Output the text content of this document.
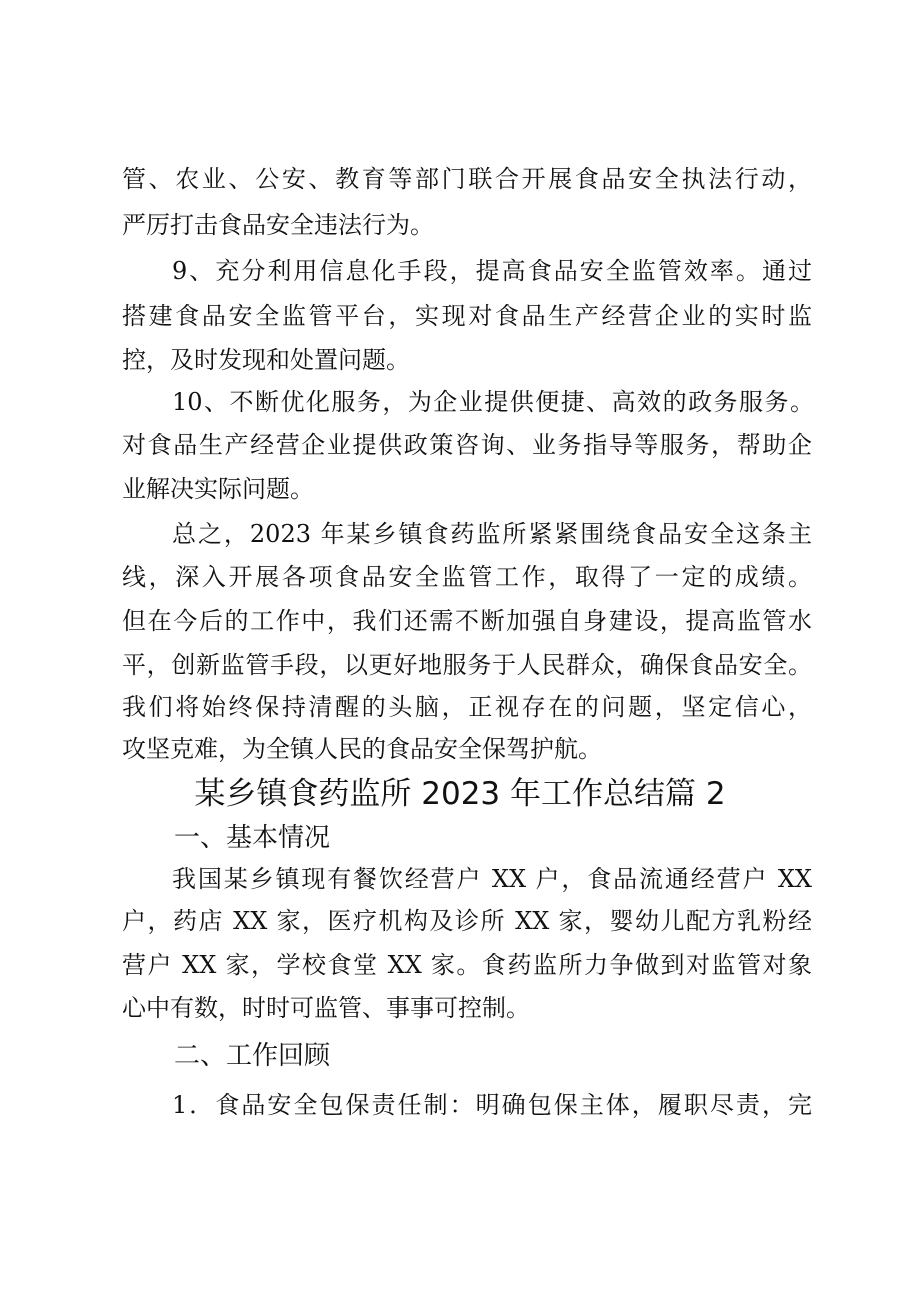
管、农业、公安、教育等部门联合开展食品安全执法行动，
严厉打击食品安全违法行为。
9、充分利用信息化手段，提高食品安全监管效率。通过
搭建食品安全监管平台，实现对食品生产经营企业的实时监
控，及时发现和处置问题。
10、不断优化服务，为企业提供便捷、高效的政务服务。
对食品生产经营企业提供政策咨询、业务指导等服务，帮助企
业解决实际问题。
总之，2023 年某乡镇食药监所紧紧围绕食品安全这条主
线，深入开展各项食品安全监管工作，取得了一定的成绩。
但在今后的工作中，我们还需不断加强自身建设，提高监管水
平，创新监管手段，以更好地服务于人民群众，确保食品安全。
我们将始终保持清醒的头脑，正视存在的问题，坚定信心，
攻坚克难，为全镇人民的食品安全保驾护航。
某乡镇食药监所 2023 年工作总结篇 2
一、基本情况
我国某乡镇现有餐饮经营户 XX 户，食品流通经营户 XX
户，药店 XX 家，医疗机构及诊所 XX 家，婴幼儿配方乳粉经
营户 XX 家，学校食堂 XX 家。食药监所力争做到对监管对象
心中有数，时时可监管、事事可控制。
二、工作回顾
1．食品安全包保责任制：明确包保主体，履职尽责，完
